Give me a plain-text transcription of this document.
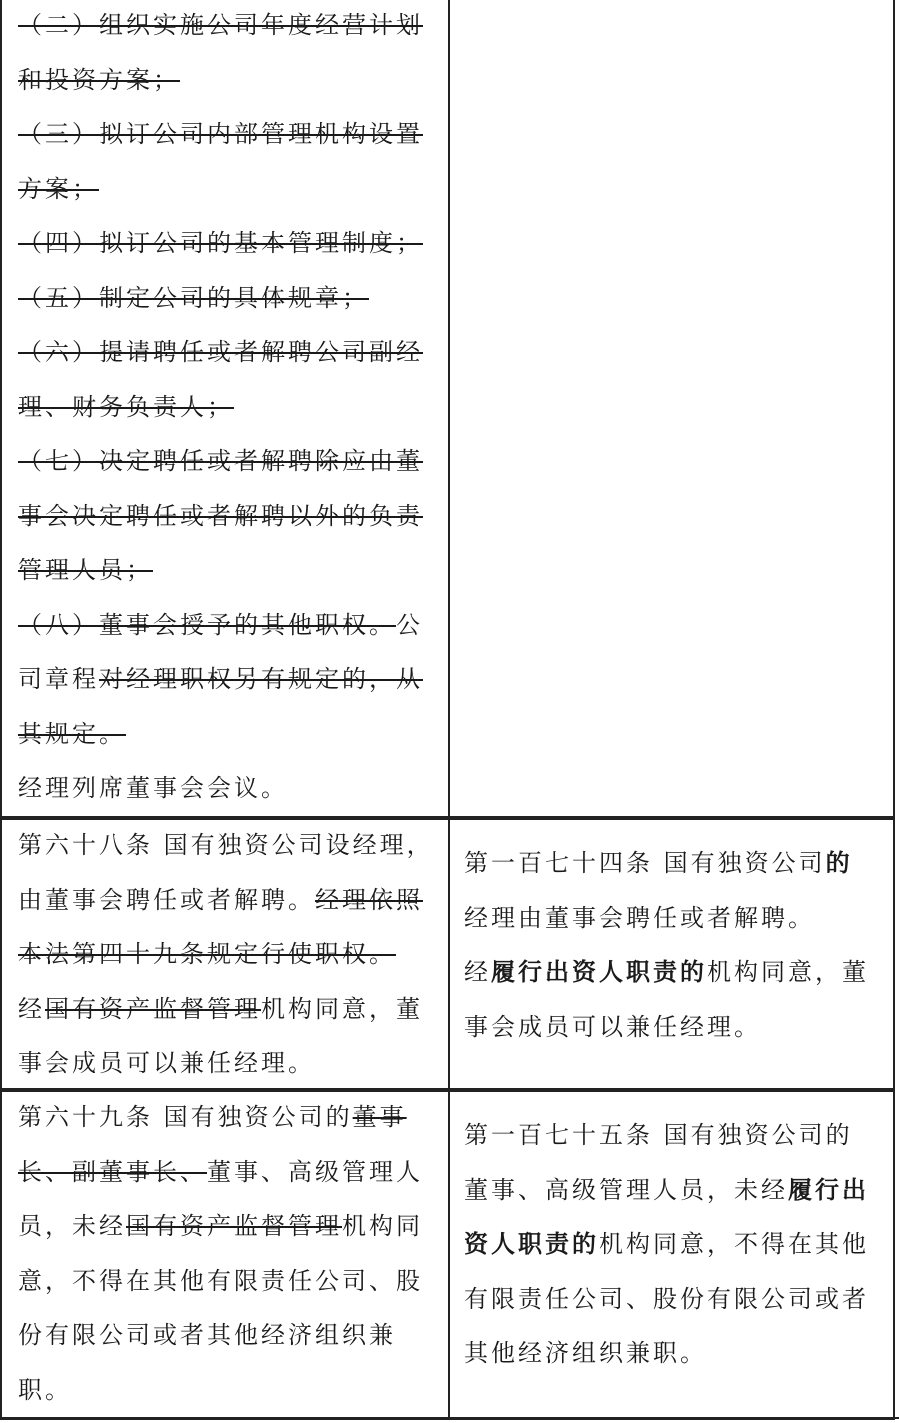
（二）组织实施公司年度经营计划和投资方案；

（三）拟订公司内部管理机构设置方案；

（四）拟订公司的基本管理制度；

（五）制定公司的具体规章；

（六）提请聘任或者解聘公司副经理、财务负责人；

（七）决定聘任或者解聘除应由董事会决定聘任或者解聘以外的负责管理人员；

（八）董事会授予的其他职权。公司章程对经理职权另有规定的，从其规定。

经理列席董事会会议。

第六十八条 国有独资公司设经理，由董事会聘任或者解聘。经理依照本法第四十九条规定行使职权。

经国有资产监督管理机构同意，董事会成员可以兼任经理。

第一百七十四条 国有独资公司的经理由董事会聘任或者解聘。

经履行出资人职责的机构同意，董事会成员可以兼任经理。

第六十九条 国有独资公司的董事长、副董事长、董事、高级管理人员，未经国有资产监督管理机构同意，不得在其他有限责任公司、股份有限公司或者其他经济组织兼职。

第一百七十五条 国有独资公司的董事、高级管理人员，未经履行出资人职责的机构同意，不得在其他有限责任公司、股份有限公司或者其他经济组织兼职。
